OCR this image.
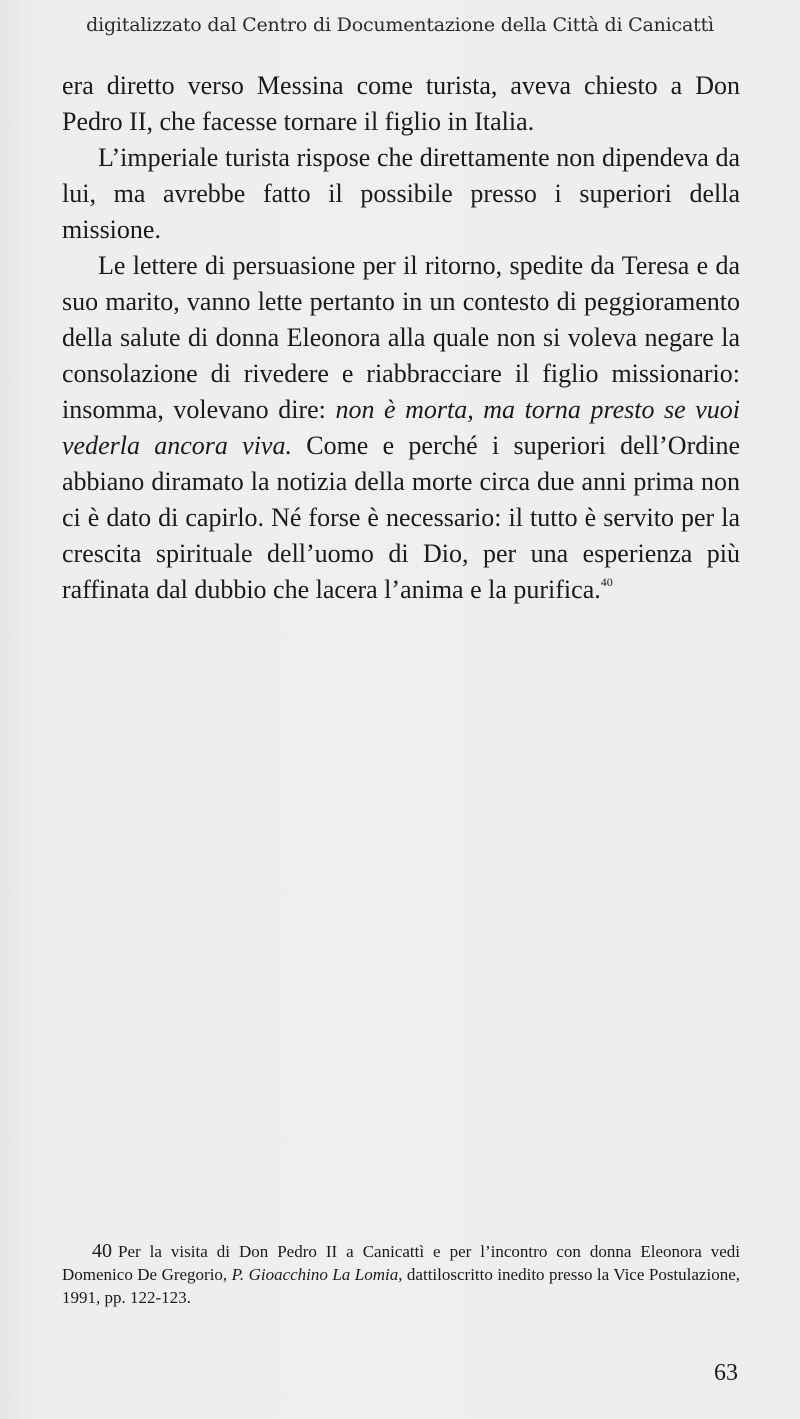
digitalizzato dal Centro di Documentazione della Città di Canicattì

era diretto verso Messina come turista, aveva chiesto a Don Pedro II, che facesse tornare il figlio in Italia.

L’imperiale turista rispose che direttamente non dipendeva da lui, ma avrebbe fatto il possibile presso i superiori della missione.

Le lettere di persuasione per il ritorno, spedite da Teresa e da suo marito, vanno lette pertanto in un contesto di peggioramento della salute di donna Eleonora alla quale non si voleva negare la consolazione di rivedere e riabbracciare il figlio missionario: insomma, volevano dire: non è morta, ma torna presto se vuoi vederla ancora viva. Come e perché i superiori dell’Ordine abbiano diramato la notizia della morte circa due anni prima non ci è dato di capirlo. Né forse è necessario: il tutto è servito per la crescita spirituale dell’uomo di Dio, per una esperienza più raffinata dal dubbio che lacera l’anima e la purifica.$^{40}$

40 Per la visita di Don Pedro II a Canicattì e per l’incontro con donna Eleonora vedi Domenico De Gregorio, P. Gioacchino La Lomia, dattiloscritto inedito presso la Vice Postulazione, 1991, pp. 122-123.
63
